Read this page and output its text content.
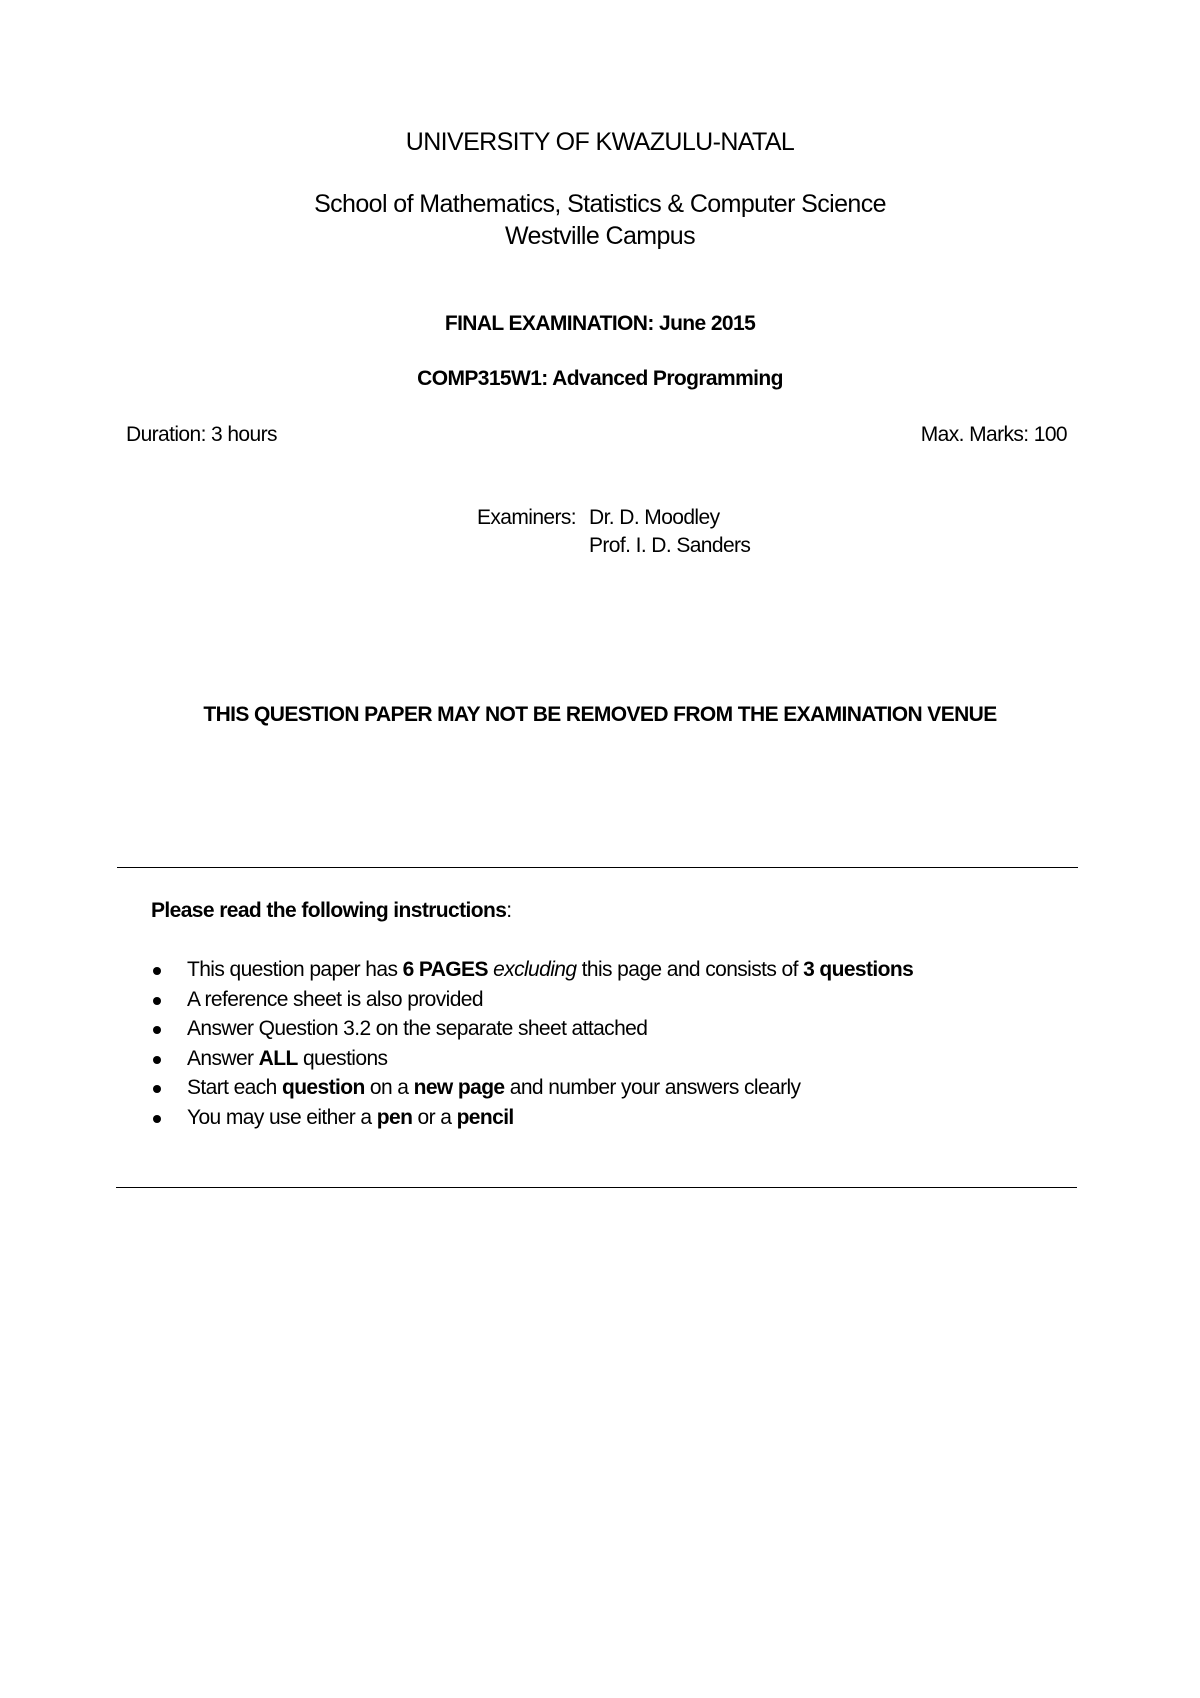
UNIVERSITY OF KWAZULU-NATAL
School of Mathematics, Statistics & Computer Science
Westville Campus
FINAL EXAMINATION: June 2015
COMP315W1: Advanced Programming
Duration: 3 hours	Max. Marks: 100
Examiners: Dr. D. Moodley
Prof. I. D. Sanders
THIS QUESTION PAPER MAY NOT BE REMOVED FROM THE EXAMINATION VENUE
Please read the following instructions:
This question paper has 6 PAGES excluding this page and consists of 3 questions
A reference sheet is also provided
Answer Question 3.2 on the separate sheet attached
Answer ALL questions
Start each question on a new page and number your answers clearly
You may use either a pen or a pencil
